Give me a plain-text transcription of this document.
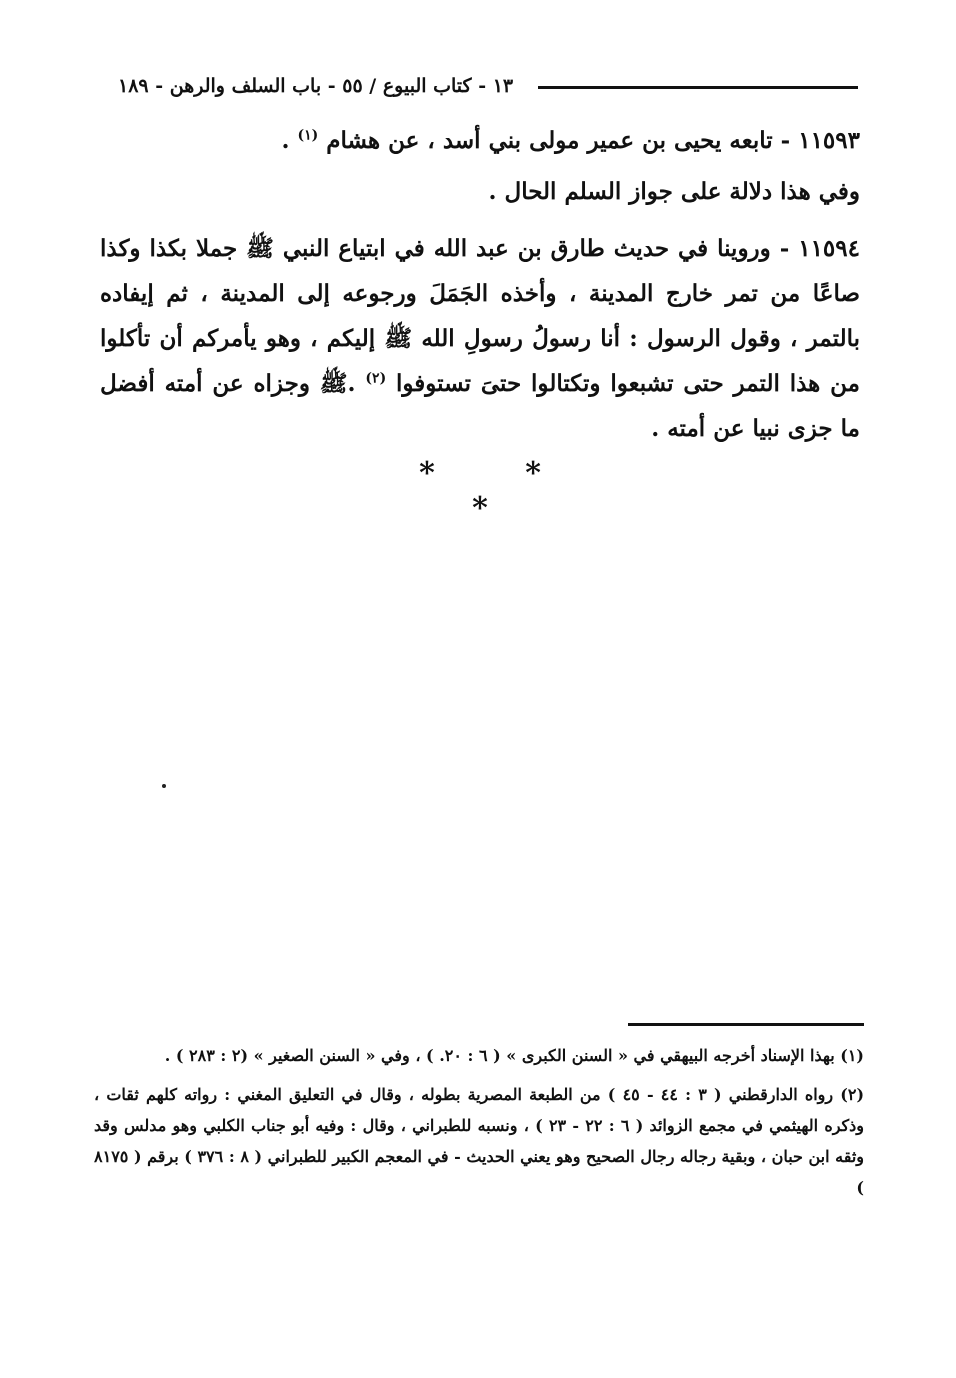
١٣ - كتاب البيوع / ٥٥ - باب السلف والرهن - ١٨٩

١١٥٩٣ - تابعه يحيى بن عمير مولى بني أسد ، عن هشام $^{(١)}$ .

وفي هذا دلالة على جواز السلم الحال .

١١٥٩٤ - وروينا في حديث طارق بن عبد الله في ابتياع النبي ﷺ جملا بكذا وكذا صاعًا من تمر خارج المدينة ، وأخذه الجَمَلَ ورجوعه إلى المدينة ، ثم إيفاده بالتمر ، وقول الرسول : أنا رسولُ رسولِ الله ﷺ إليكم ، وهو يأمركم أن تأكلوا من هذا التمر حتى تشبعوا وتكتالوا حتىَ تستوفوا $^{(٢)}$ .ﷺ وجزاه عن أمته أفضل ما جزى نبيا عن أمته .

* * *

(١) بهذا الإسناد أخرجه البيهقي في « السنن الكبرى » ( ٦ : ٢٠. ) ، وفي « السنن الصغير » (٢ : ٢٨٣ ) .

(٢) رواه الدارقطني ( ٣ : ٤٤ - ٤٥ ) من الطبعة المصرية بطوله ، وقال في التعليق المغني : رواته كلهم ثقات ، وذكره الهيثمي في مجمع الزوائد ( ٦ : ٢٢ - ٢٣ ) ، ونسبه للطبراني ، وقال : وفيه أبو جناب الكلبي وهو مدلس وقد وثقه ابن حبان ، وبقية رجاله رجال الصحيح وهو يعني الحديث - في المعجم الكبير للطبراني ( ٨ : ٣٧٦ ) برقم ( ٨١٧٥ )
